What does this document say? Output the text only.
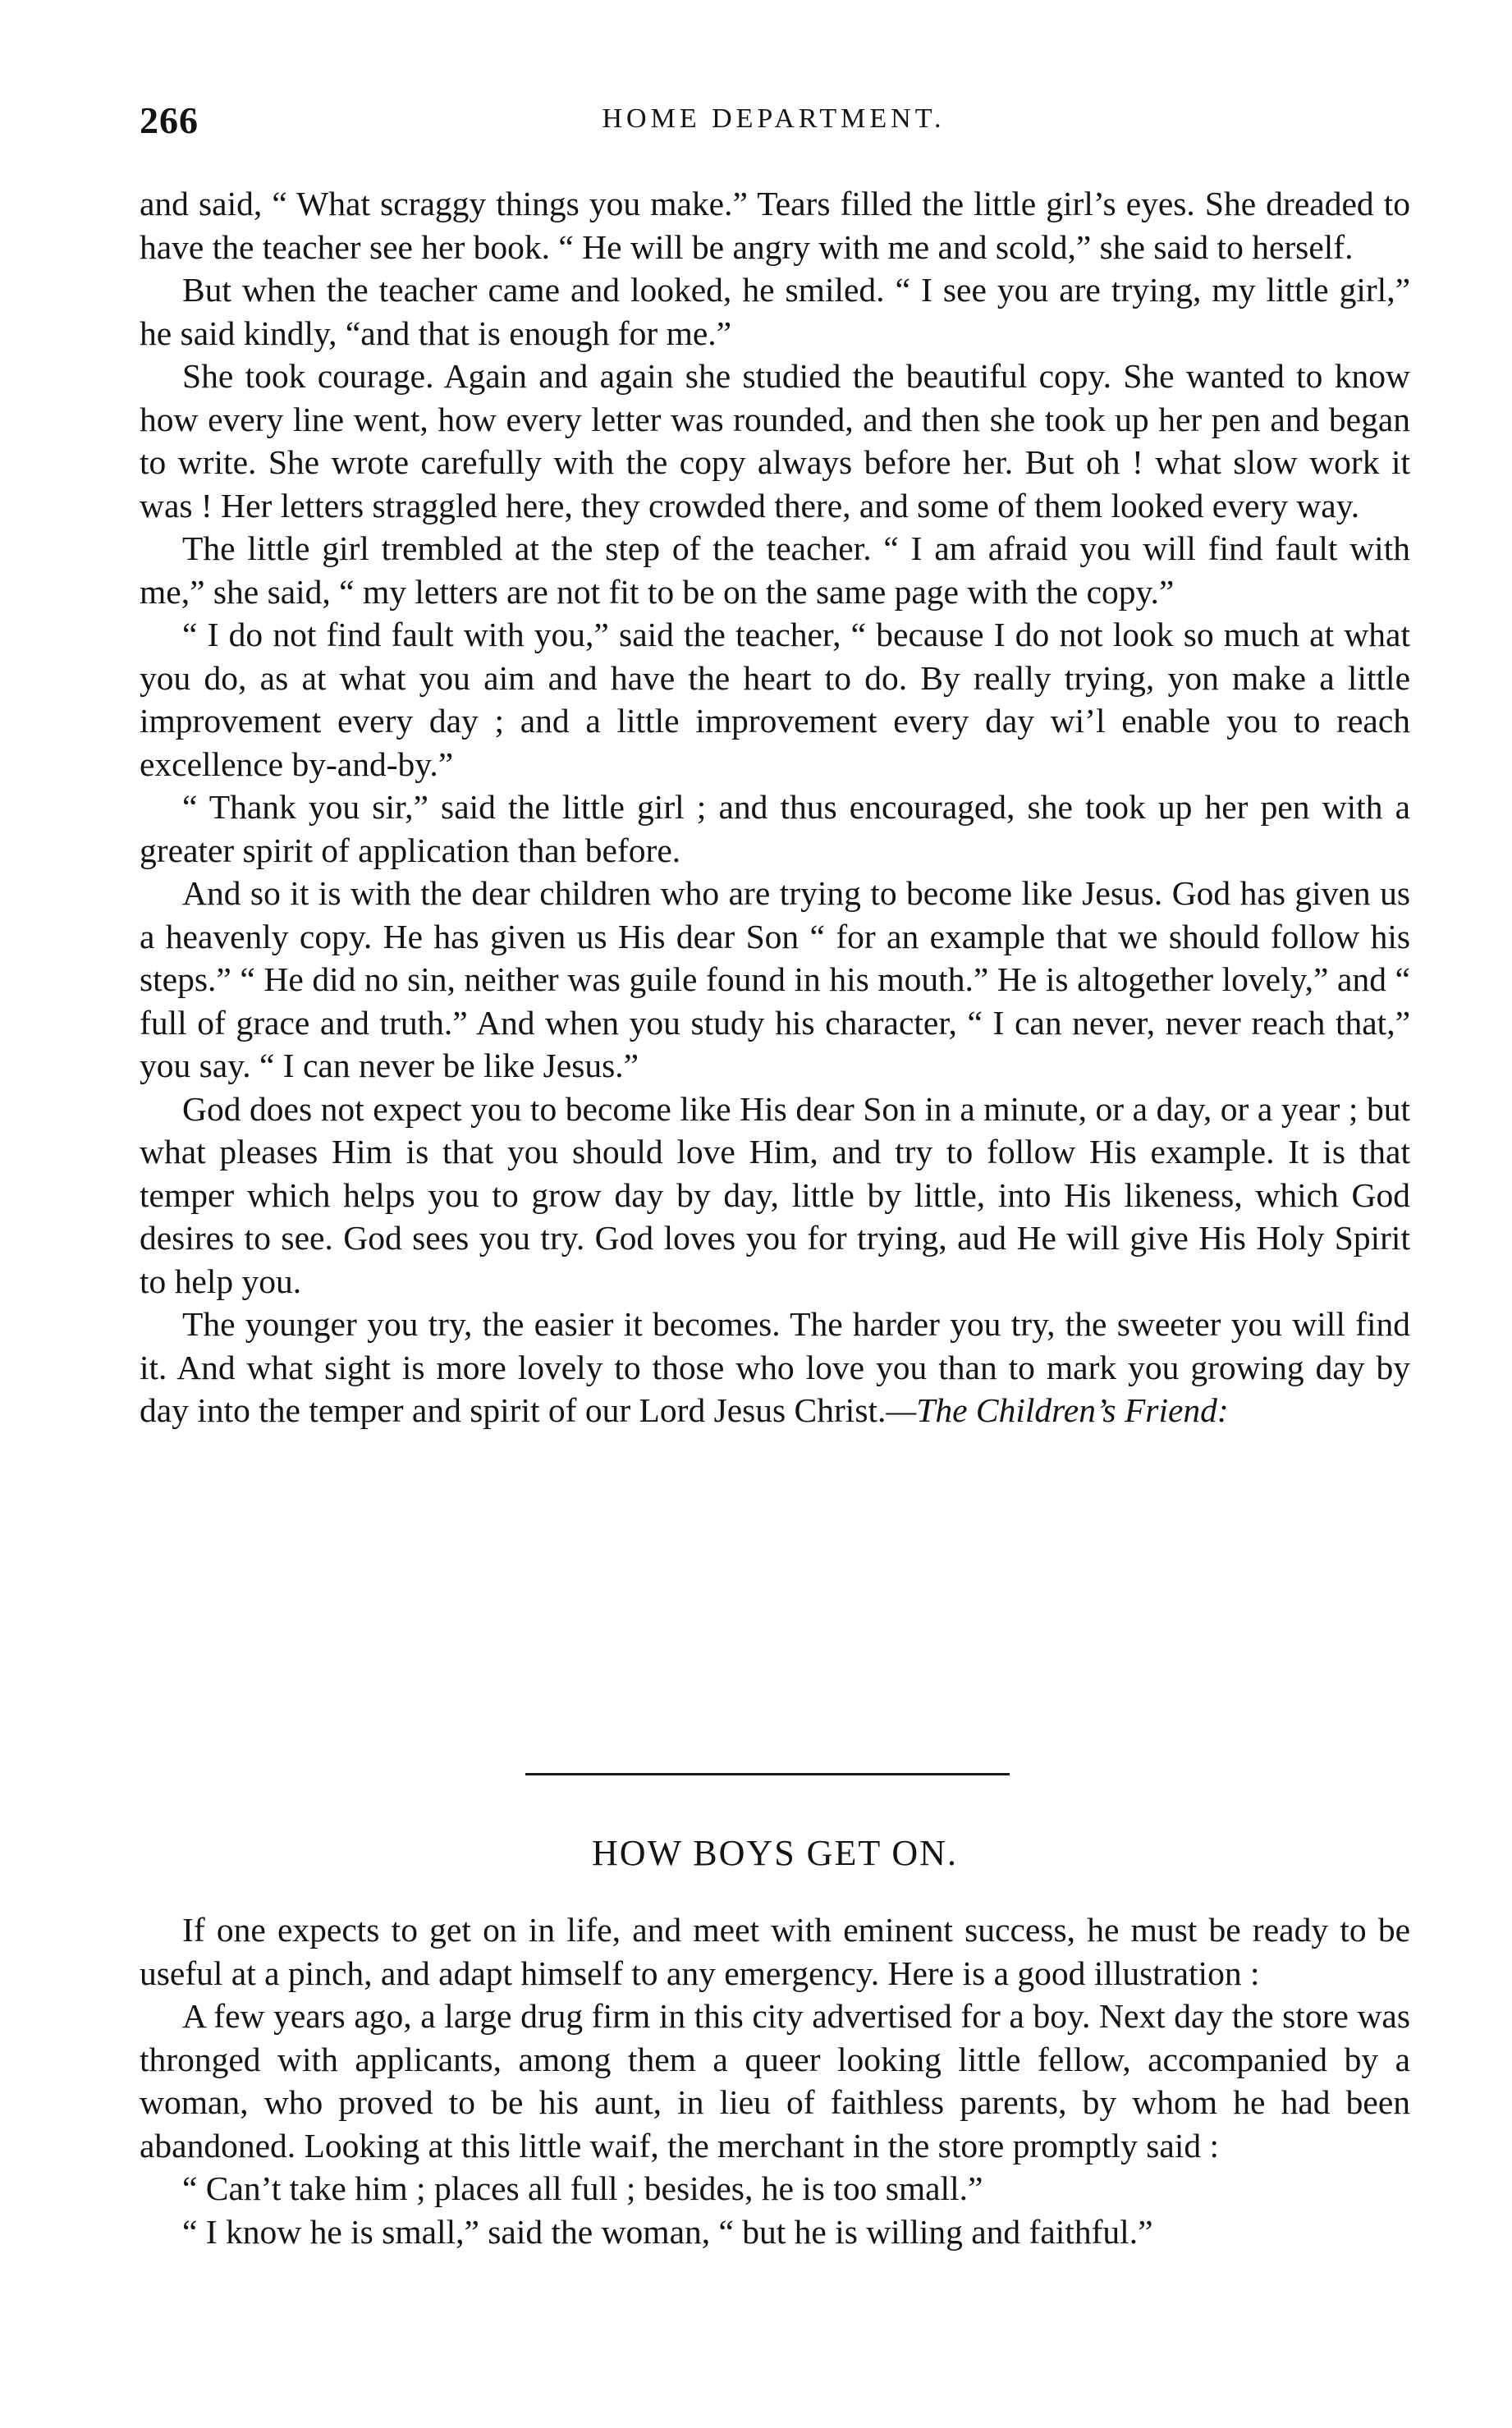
266	HOME DEPARTMENT.

and said, “ What scraggy things you make.” Tears filled the little girl’s eyes. She dreaded to have the teacher see her book. “ He will be angry with me and scold,” she said to herself.

But when the teacher came and looked, he smiled. “ I see you are trying, my little girl,” he said kindly, “and that is enough for me.”

She took courage. Again and again she studied the beautiful copy. She wanted to know how every line went, how every letter was rounded, and then she took up her pen and began to write. She wrote carefully with the copy always before her. But oh ! what slow work it was ! Her letters straggled here, they crowded there, and some of them looked every way.

The little girl trembled at the step of the teacher. “ I am afraid you will find fault with me,” she said, “ my letters are not fit to be on the same page with the copy.”

“ I do not find fault with you,” said the teacher, “ because I do not look so much at what you do, as at what you aim and have the heart to do. By really trying, yon make a little improvement every day ; and a little improvement every day wi’l enable you to reach excellence by-and-by.”

“ Thank you sir,” said the little girl ; and thus encouraged, she took up her pen with a greater spirit of application than before.

And so it is with the dear children who are trying to become like Jesus. God has given us a heavenly copy. He has given us His dear Son “ for an example that we should follow his steps.” “ He did no sin, neither was guile found in his mouth.” He is altogether lovely,” and “ full of grace and truth.” And when you study his character, “ I can never, never reach that,” you say. “ I can never be like Jesus.”

God does not expect you to become like His dear Son in a minute, or a day, or a year ; but what pleases Him is that you should love Him, and try to follow His example. It is that temper which helps you to grow day by day, little by little, into His likeness, which God desires to see. God sees you try. God loves you for trying, aud He will give His Holy Spirit to help you.

The younger you try, the easier it becomes. The harder you try, the sweeter you will find it. And what sight is more lovely to those who love you than to mark you growing day by day into the temper and spirit of our Lord Jesus Christ.—The Children’s Friend:

HOW BOYS GET ON.

If one expects to get on in life, and meet with eminent success, he must be ready to be useful at a pinch, and adapt himself to any emergency. Here is a good illustration :

A few years ago, a large drug firm in this city advertised for a boy. Next day the store was thronged with applicants, among them a queer looking little fellow, accompanied by a woman, who proved to be his aunt, in lieu of faithless parents, by whom he had been abandoned. Looking at this little waif, the merchant in the store promptly said :

“ Can’t take him ; places all full ; besides, he is too small.”

“ I know he is small,” said the woman, “ but he is willing and faithful.”
